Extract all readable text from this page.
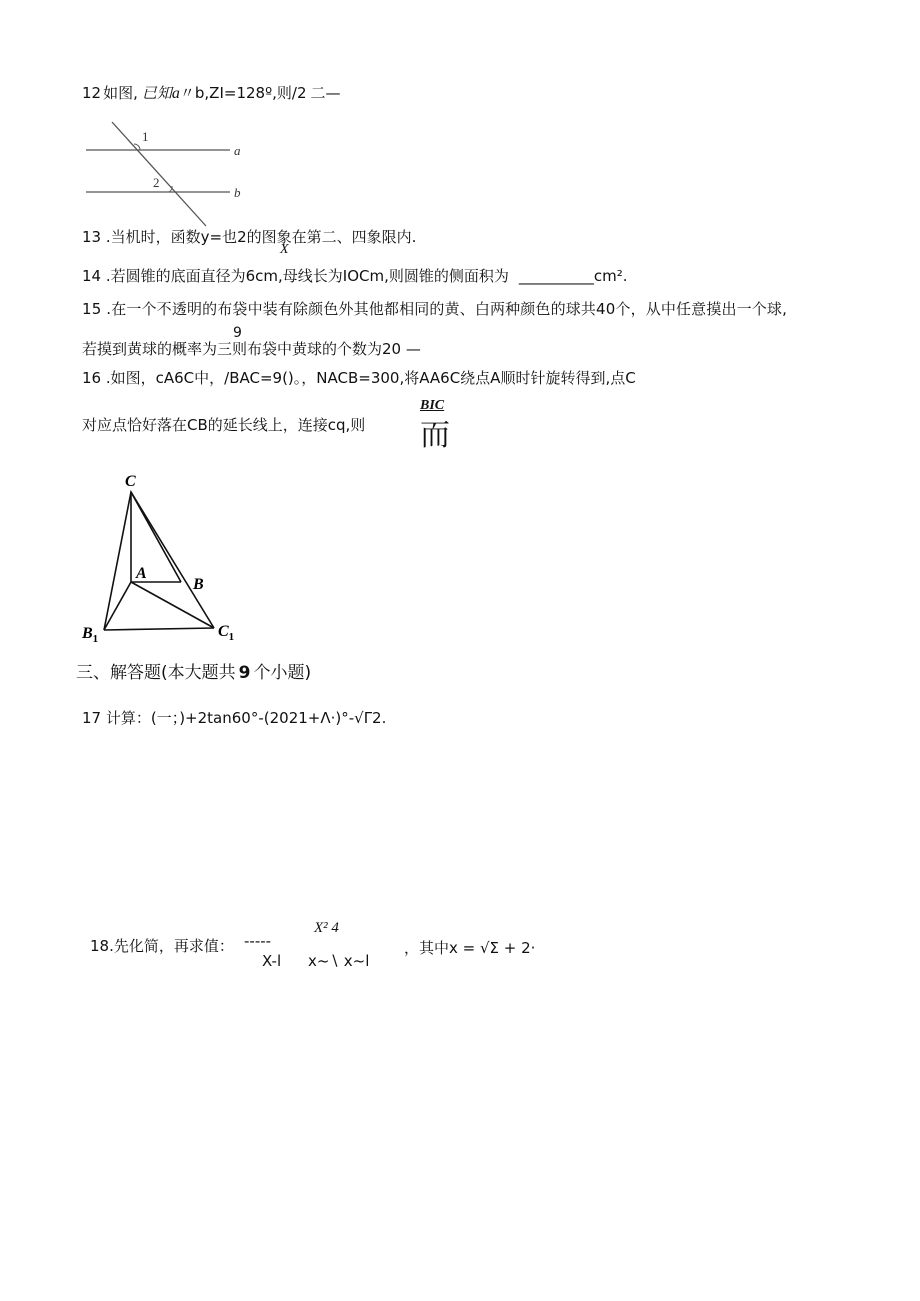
12 如图, 已知a〃b,ZI=128º,则/2 二—
1
2
a
b
13 .当机时，函数y=也2的图象在第二、四象限内.
X
14 .若圆锥的底面直径为6cm,母线长为IOCm,则圆锥的侧面积为 __________cm².
15 .在一个不透明的布袋中装有除颜色外其他都相同的黄、白两种颜色的球共40个，从中任意摸出一个球,
9
若摸到黄球的概率为三则布袋中黄球的个数为20 —
16 .如图，cA6C中，/BAC=9()。，NACB=300,将AA6C绕点A顺时针旋转得到,点C
对应点恰好落在CB的延长线上，连接cq,则
BIC
而
C
A
B
$B_1$	$C_1$
三、解答题(本大题共 9 个小题)
17 计算：(一；)+2tan60°-(2021+Λ·)°-√Γ2.
18.先化简，再求值： -----
X² 4
X-l x~∖ x~l
，其中x = √Σ + 2·
